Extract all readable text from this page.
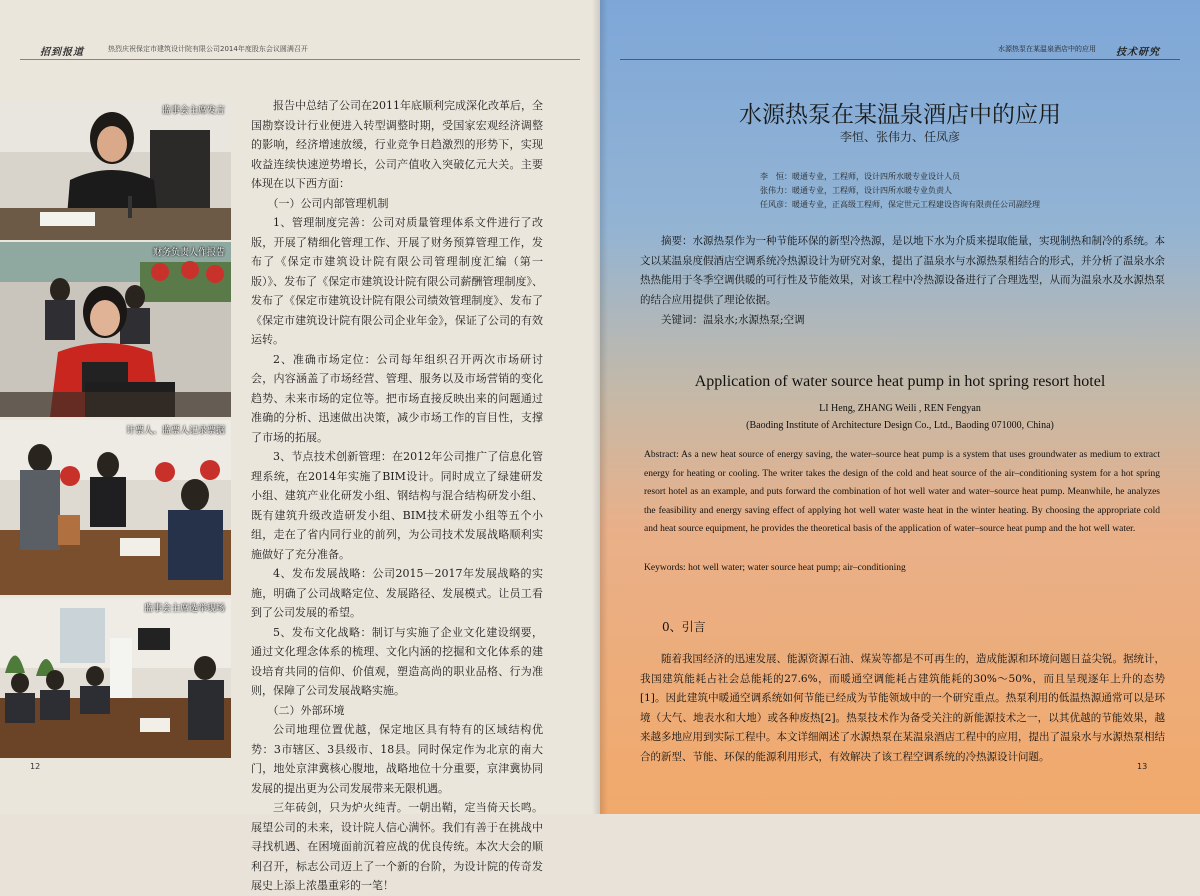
招到报道	热烈庆祝保定市建筑设计院有限公司2014年度股东会议圆满召开
监事会主席发言
财务负责人作报告
计票人、监票人记录票据
监事会主席选举现场

报告中总结了公司在2011年底顺利完成深化改革后，全国勘察设计行业便进入转型调整时期，受国家宏观经济调整的影响，经济增速放缓，行业竞争日趋激烈的形势下，实现收益连续快速逆势增长，公司产值收入突破亿元大关。主要体现在以下西方面：

（一）公司内部管理机制

1、管理制度完善：公司对质量管理体系文件进行了改版，开展了精细化管理工作、开展了财务预算管理工作，发布了《保定市建筑设计院有限公司管理制度汇编（第一版）》、发布了《保定市建筑设计院有限公司薪酬管理制度》、发布了《保定市建筑设计院有限公司绩效管理制度》、发布了《保定市建筑设计院有限公司企业年金》，保证了公司的有效运转。

2、准确市场定位：公司每年组织召开两次市场研讨会，内容涵盖了市场经营、管理、服务以及市场营销的变化趋势、未来市场的定位等。把市场直接反映出来的问题通过准确的分析、迅速做出决策，减少市场工作的盲目性，支撑了市场的拓展。

3、节点技术创新管理：在2012年公司推广了信息化管理系统，在2014年实施了BIM设计。同时成立了绿建研发小组、建筑产业化研发小组、钢结构与混合结构研发小组、既有建筑升级改造研发小组、BIM技术研发小组等五个小组，走在了省内同行业的前列，为公司技术发展战略顺利实施做好了充分准备。

4、发布发展战略：公司2015－2017年发展战略的实施，明确了公司战略定位、发展路径、发展模式。让员工看到了公司发展的希望。

5、发布文化战略：制订与实施了企业文化建设纲要，通过文化理念体系的梳理、文化内涵的挖掘和文化体系的建设培育共同的信仰、价值观，塑造高尚的职业品格、行为准则，保障了公司发展战略实施。

（二）外部环境

公司地理位置优越，保定地区具有特有的区域结构优势：3市辖区、3县级市、18县。同时保定作为北京的南大门，地处京津冀核心腹地，战略地位十分重要，京津冀协同发展的提出更为公司发展带来无限机遇。

三年砖剑，只为炉火纯青。一朝出鞘，定当倚天长鸣。展望公司的未来，设计院人信心满怀。我们有善于在挑战中寻找机遇、在困境面前沉着应战的优良传统。本次大会的顺利召开，标志公司迈上了一个新的台阶，为设计院的传奇发展史上添上浓墨重彩的一笔！

12
水源热泵在某温泉酒店中的应用 技术研究
水源热泵在某温泉酒店中的应用
李恒、张伟力、任凤彦
李　恒：暖通专业，工程师，设计四所水暖专业设计人员
张伟力：暖通专业，工程师，设计四所水暖专业负责人
任风彦：暖通专业，正高级工程师，保定世元工程建设咨询有限责任公司副经理
摘要：水源热泵作为一种节能环保的新型冷热源，是以地下水为介质来提取能量，实现制热和制冷的系统。本文以某温泉度假酒店空调系统冷热源设计为研究对象，提出了温泉水与水源热泵相结合的形式，并分析了温泉水余热热能用于冬季空调供暖的可行性及节能效果，对该工程中冷热源设备进行了合理选型，从而为温泉水及水源热泵的结合应用提供了理论依据。
关键词：温泉水;水源热泵;空调
Application of water source heat pump in hot spring resort hotel
LI Heng, ZHANG Weili , REN Fengyan
(Baoding Institute of Architecture Design Co., Ltd., Baoding 071000, China)
Abstract: As a new heat source of energy saving, the water–source heat pump is a system that uses groundwater as medium to extract energy for heating or cooling. The writer takes the design of the cold and heat source of the air–conditioning system for a hot spring resort hotel as an example, and puts forward the combination of hot well water and water–source heat pump. Meanwhile, he analyzes the feasibility and energy saving effect of applying hot well water waste heat in the winter heating. By choosing the appropriate cold and heat source equipment, he provides the theoretical basis of the application of water–source heat pump and the hot well water.
Keywords: hot well water; water source heat pump; air–conditioning
0、引言
随着我国经济的迅速发展、能源资源石油、煤炭等都是不可再生的，造成能源和环境问题日益尖锐。据统计，我国建筑能耗占社会总能耗的27.6%，而暖通空调能耗占建筑能耗的30%～50%，而且呈现逐年上升的态势[1]。因此建筑中暖通空调系统如何节能已经成为节能领域中的一个研究重点。热泵利用的低温热源通常可以是环境（大气、地表水和大地）或各种废热[2]。热泵技术作为备受关注的新能源技术之一，以其优越的节能效果，越来越多地应用到实际工程中。本文详细阐述了水源热泵在某温泉酒店工程中的应用，提出了温泉水与水源热泵相结合的新型、节能、环保的能源利用形式，有效解决了该工程空调系统的冷热源设计问题。
13
